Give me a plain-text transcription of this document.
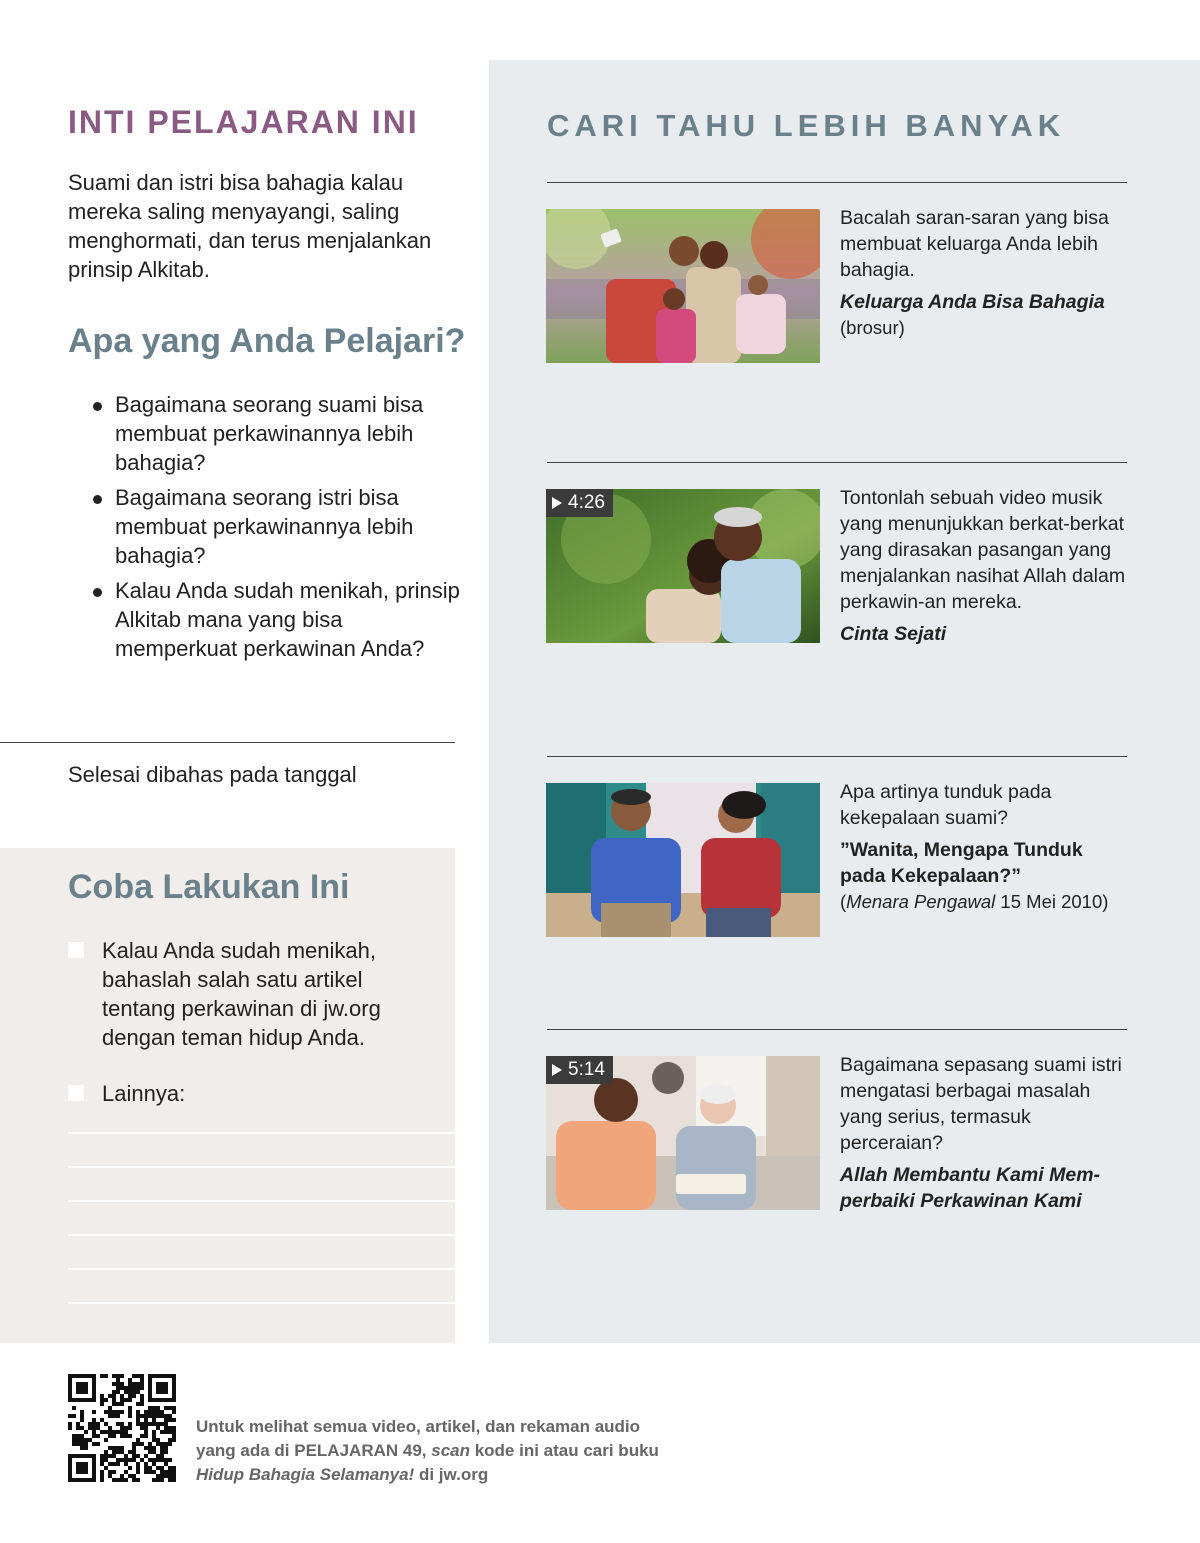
INTI PELAJARAN INI
Suami dan istri bisa bahagia kalau mereka saling menyayangi, saling menghormati, dan terus menjalankan prinsip Alkitab.
Apa yang Anda Pelajari?
Bagaimana seorang suami bisa membuat perkawinannya lebih bahagia?
Bagaimana seorang istri bisa membuat perkawinannya lebih bahagia?
Kalau Anda sudah menikah, prinsip Alkitab mana yang bisa memperkuat perkawinan Anda?
Selesai dibahas pada tanggal
Coba Lakukan Ini
Kalau Anda sudah menikah, bahaslah salah satu artikel tentang perkawinan di jw.org dengan teman hidup Anda.
Lainnya:
CARI TAHU LEBIH BANYAK
Bacalah saran-saran yang bisa membuat keluarga Anda lebih bahagia.
Keluarga Anda Bisa Bahagia
(brosur)
4:26	Tontonlah sebuah video musik yang menunjukkan berkat-berkat yang dirasakan pasangan yang menjalankan nasihat Allah dalam perkawin-an mereka.
Cinta Sejati
Apa artinya tunduk pada kekepalaan suami?
”Wanita, Mengapa Tunduk pada Kekepalaan?”
(Menara Pengawal 15 Mei 2010)
5:14	Bagaimana sepasang suami istri mengatasi berbagai masalah yang serius, termasuk perceraian?
Allah Membantu Kami Mem-perbaiki Perkawinan Kami
Untuk melihat semua video, artikel, dan rekaman audio
yang ada di PELAJARAN 49, scan kode ini atau cari buku
Hidup Bahagia Selamanya! di jw.org
